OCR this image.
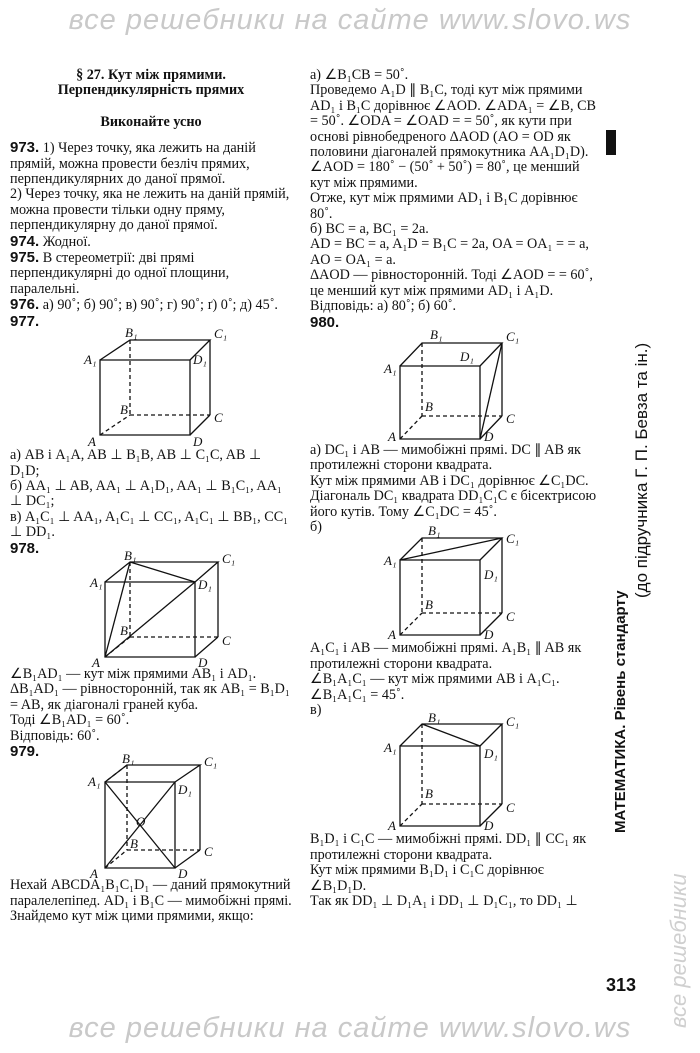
все решебники на сайте www.slovo.ws

§ 27. Кут між прямими.

Перпендикулярність прямих

Виконайте усно

973. 1) Через точку, яка лежить на даній прямій, можна провести безліч прямих, перпендикулярних до даної прямої.

2) Через точку, яка не лежить на даній прямій, можна провести тільки одну пряму, перпендикулярну до даної прямої.

974. Жодної.

975. В стереометрії: дві прямі перпендикулярні до одної площини, паралельні.

976. а) 90˚; б) 90˚; в) 90˚; г) 90˚; ґ) 0˚; д) 45˚.

977.

B₁	C₁
A₁	D₁
B
C
A	D

а) AB і A₁A, AB ⊥ B₁B, AB ⊥ C₁C, AB ⊥ D₁D;

б) AA₁ ⊥ AB, AA₁ ⊥ A₁D₁, AA₁ ⊥ B₁C₁, AA₁ ⊥ DC₁;

в) A₁C₁ ⊥ AA₁, A₁C₁ ⊥ CC₁, A₁C₁ ⊥ BB₁, CC₁ ⊥ DD₁.

978.	B₁	C₁
A₁	D₁
B
C
A	D

∠B₁AD₁ — кут між прямими AB₁ і AD₁.

ΔB₁AD₁ — рівносторонній, так як AB₁ = B₁D₁ = AB, як діагоналі граней куба.

Тоді ∠B₁AD₁ = 60˚.

Відповідь: 60˚.

979.	B₁	C₁
A₁
D₁
O
B
C
A	D

Нехай ABCDA₁B₁C₁D₁ — даний прямокутний паралелепіпед. AD₁ і B₁C — мимобіжні прямі. Знайдемо кут між цими прямими, якщо:

а) ∠B₁CB = 50˚.

Проведемо A₁D ∥ B₁C, тоді кут між прямими AD₁ і B₁C дорівнює ∠AOD. ∠ADA₁ = ∠B, CB = 50˚. ∠ODA = ∠OAD = = 50˚, як кути при основі рівнобедреного ΔAOD (AO = OD як половини діагоналей прямокутника AA₁D₁D).

∠AOD = 180˚ − (50˚ + 50˚) = 80˚, це менший кут між прямими.

Отже, кут між прямими AD₁ і B₁C дорівнює 80˚.

б) BC = a, BC₁ = 2a.

AD = BC = a, A₁D = B₁C = 2a, OA = OA₁ = = a, AO = OA₁ = a.

ΔAOD — рівносторонній. Тоді ∠AOD = = 60˚, це менший кут між прямими AD₁ і A₁D.

Відповідь: а) 80˚; б) 60˚.

980.

B₁	C₁
A₁
D₁
B
C
A	D

а) DC₁ і AB — мимобіжні прямі. DC ∥ AB як протилежні сторони квадрата.

Кут між прямими AB і DC₁ дорівнює ∠C₁DC.

Діагональ DC₁ квадрата DD₁C₁C є бісектрисою його кутів. Тому ∠C₁DC = 45˚.

б)	B₁
C₁
A₁
D₁
B
C
A	D

A₁C₁ і AB — мимобіжні прямі. A₁B₁ ∥ AB як протилежні сторони квадрата.

∠B₁A₁C₁ — кут між прямими AB і A₁C₁.

∠B₁A₁C₁ = 45˚.

в)	B₁	C₁
A₁	D₁
B
C
A	D

B₁D₁ і C₁C — мимобіжні прямі. DD₁ ∥ CC₁ як протилежні сторони квадрата.

Кут між прямими B₁D₁ і C₁C дорівнює ∠B₁D₁D.

Так як DD₁ ⊥ D₁A₁ і DD₁ ⊥ D₁C₁, то DD₁ ⊥

МАТЕМАТИКА. Рівень стандарту
(до підручника Г. П. Бевза та ін.)
все решебники
313
все решебники на сайте www.slovo.ws
